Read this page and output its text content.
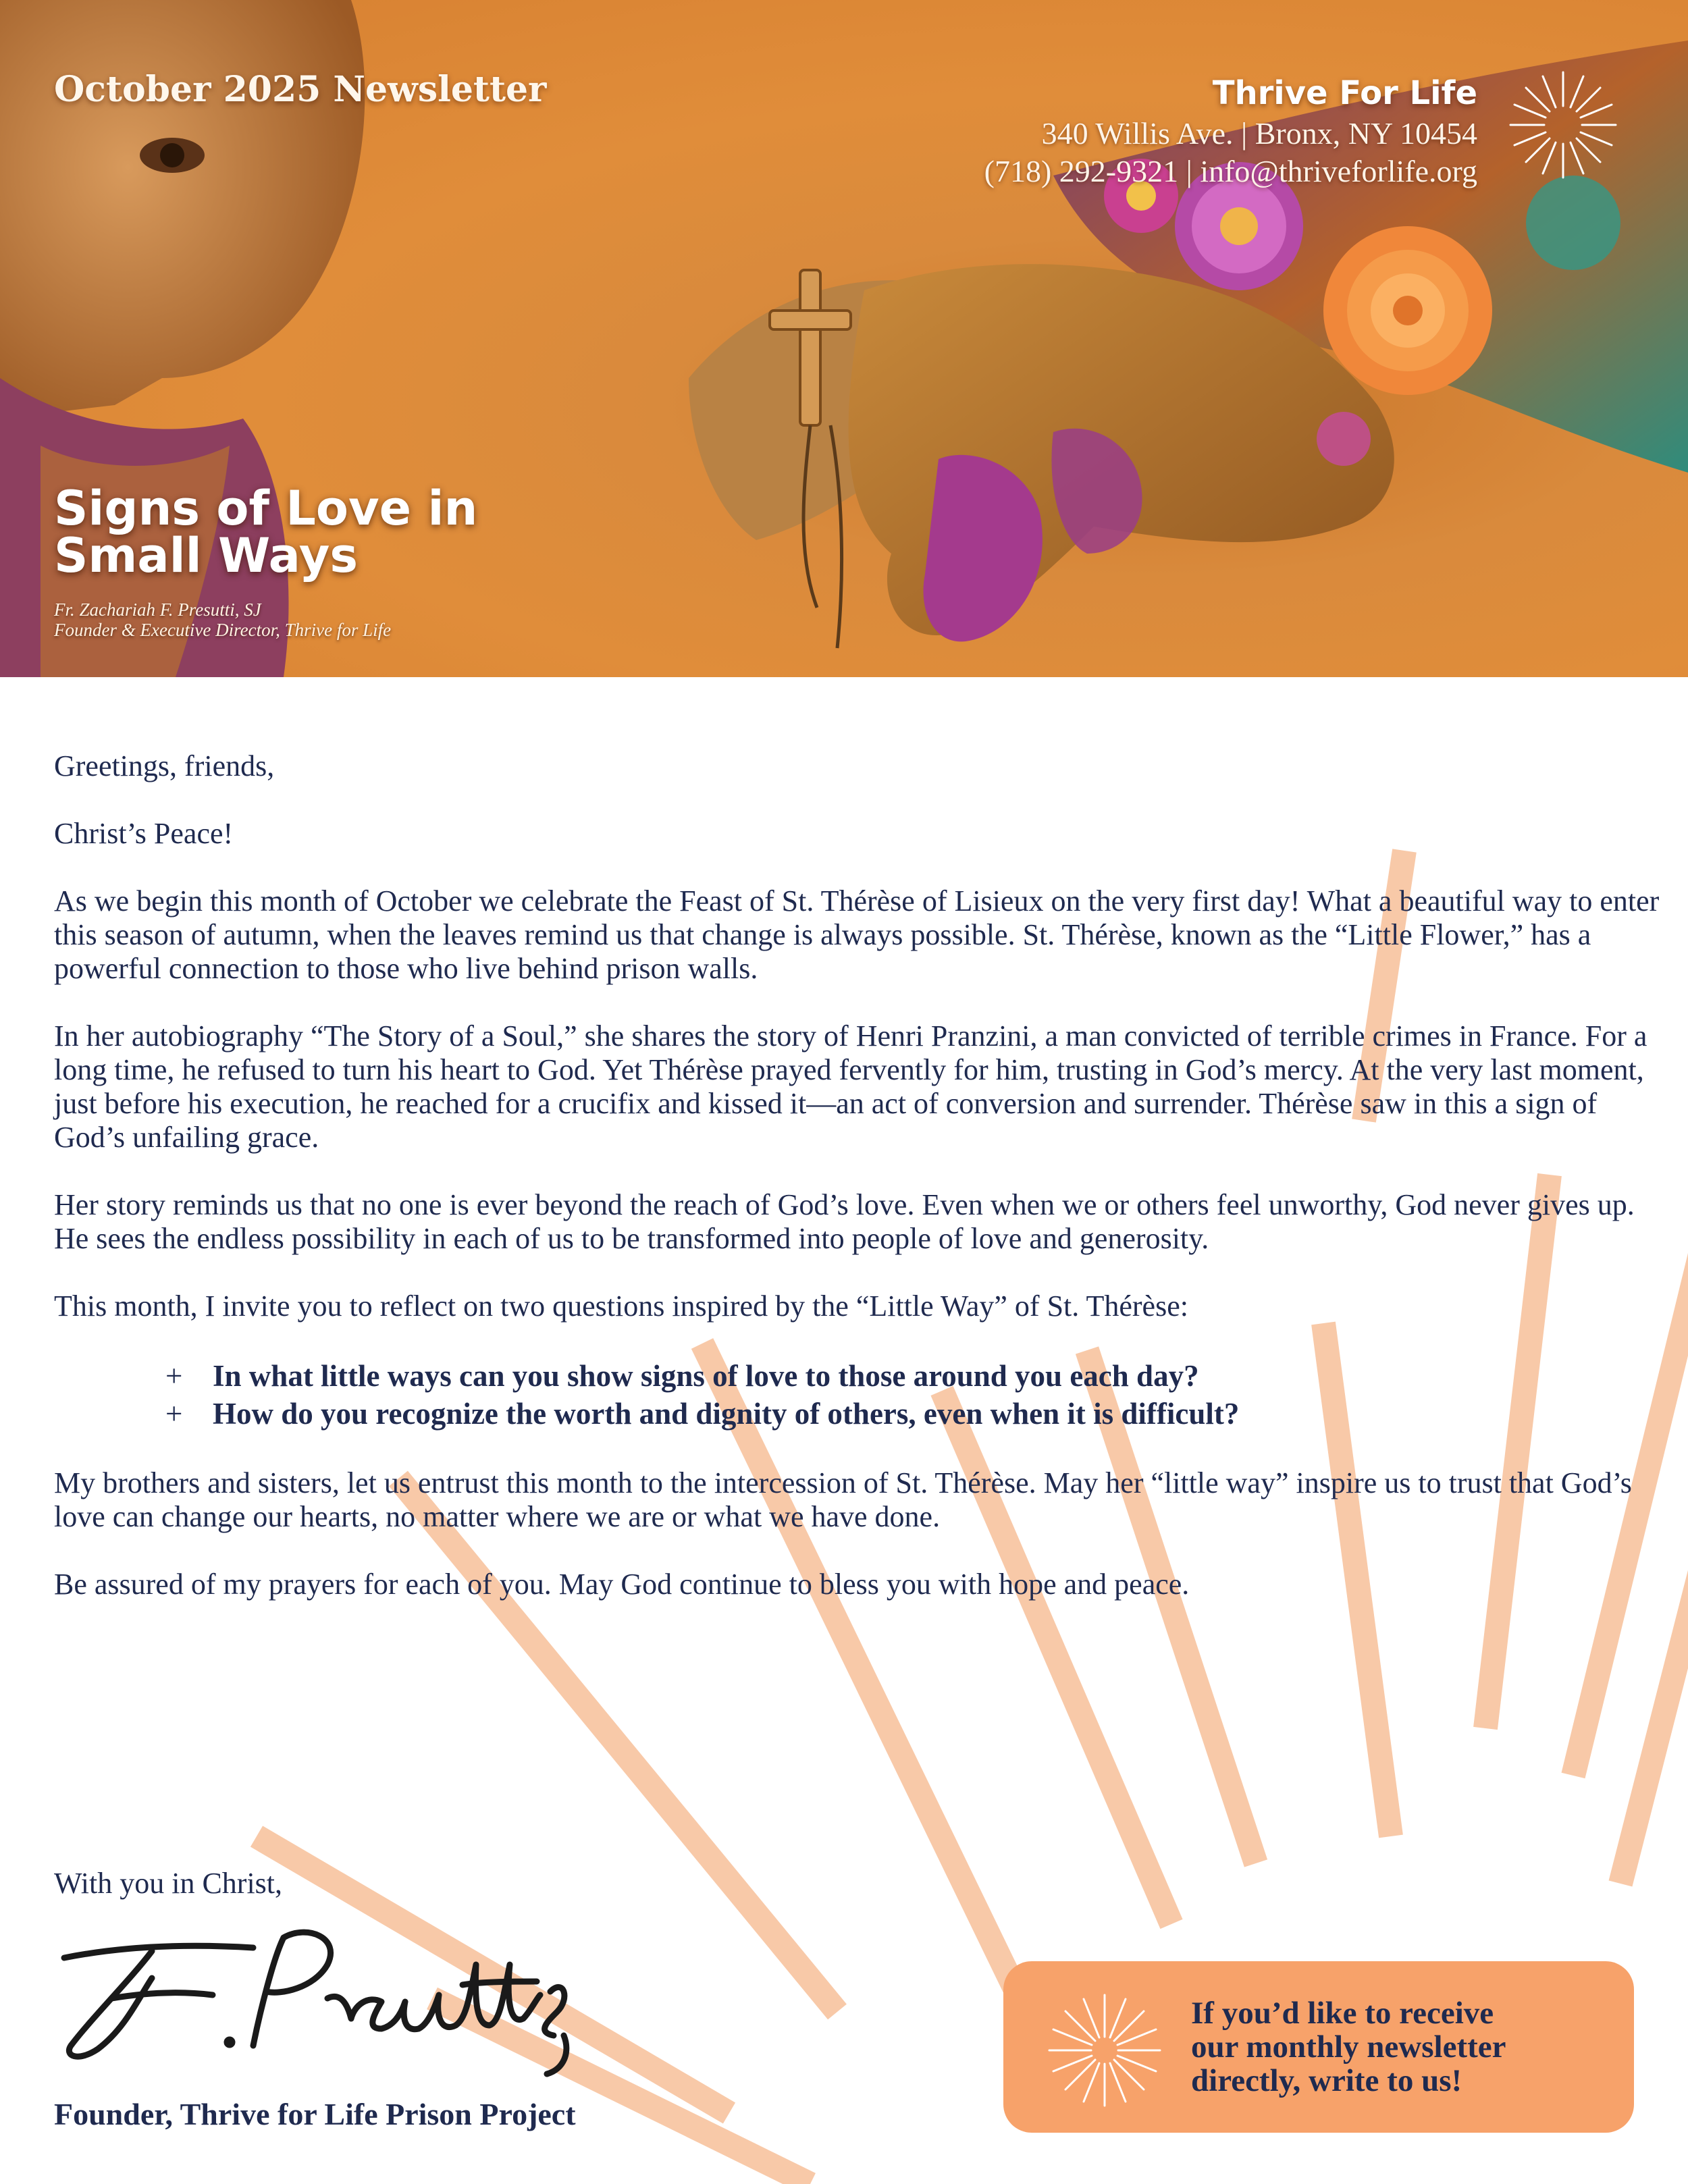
October 2025 Newsletter	Thrive For Life
340 Willis Ave. | Bronx, NY 10454
(718) 292-9321 | info@thriveforlife.org
Signs of Love in
Small Ways
Fr. Zachariah F. Presutti, SJ
Founder & Executive Director, Thrive for Life

Greetings, friends,

Christ’s Peace!

As we begin this month of October we celebrate the Feast of St. Thérèse of Lisieux on the very first day! What a beautiful way to enter this season of autumn, when the leaves remind us that change is always possible. St. Thérèse, known as the “Little Flower,” has a powerful connection to those who live behind prison walls.

In her autobiography “The Story of a Soul,” she shares the story of Henri Pranzini, a man convicted of terrible crimes in France. For a long time, he refused to turn his heart to God. Yet Thérèse prayed fervently for him, trusting in God’s mercy. At the very last moment, just before his execution, he reached for a crucifix and kissed it—an act of conversion and surrender. Thérèse saw in this a sign of God’s unfailing grace.

Her story reminds us that no one is ever beyond the reach of God’s love. Even when we or others feel unworthy, God never gives up. He sees the endless possibility in each of us to be transformed into people of love and generosity.

This month, I invite you to reflect on two questions inspired by the “Little Way” of St. Thérèse:

+ In what little ways can you show signs of love to those around you each day?
+ How do you recognize the worth and dignity of others, even when it is difficult?

My brothers and sisters, let us entrust this month to the intercession of St. Thérèse. May her “little way” inspire us to trust that God’s love can change our hearts, no matter where we are or what we have done.

Be assured of my prayers for each of you. May God continue to bless you with hope and peace.

With you in Christ,
Founder, Thrive for Life Prison Project
If you’d like to receive
our monthly newsletter
directly, write to us!
